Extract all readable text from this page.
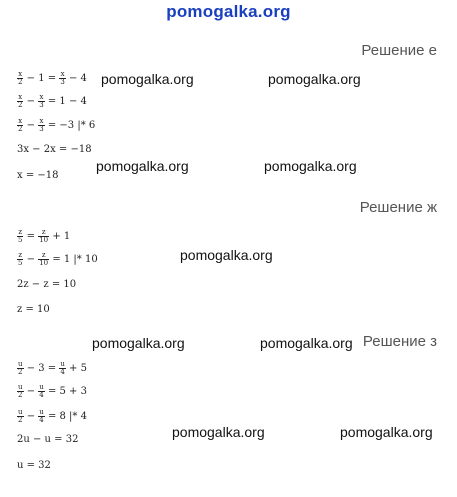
pomogalka.org
Решение е
$\frac{x}{2} - 1 = \frac{x}{3} - 4$
$\frac{x}{2} - \frac{x}{3} = 1 - 4$
$\frac{x}{2} - \frac{x}{3} = -3$ |* 6
3x − 2x = −18
x = −18
Решение ж
$\frac{z}{5} = \frac{z}{10} + 1$
$\frac{z}{5} - \frac{z}{10} = 1$ |* 10
2z − z = 10
z = 10
Решение з
$\frac{u}{2} - 3 = \frac{u}{4} + 5$
$\frac{u}{2} - \frac{u}{4} = 5 + 3$
$\frac{u}{2} - \frac{u}{4} = 8$ |* 4
2u − u = 32
u = 32
pomogalka.org	pomogalka.org
pomogalka.org	pomogalka.org
pomogalka.org
pomogalka.org	pomogalka.org
pomogalka.org	pomogalka.org
